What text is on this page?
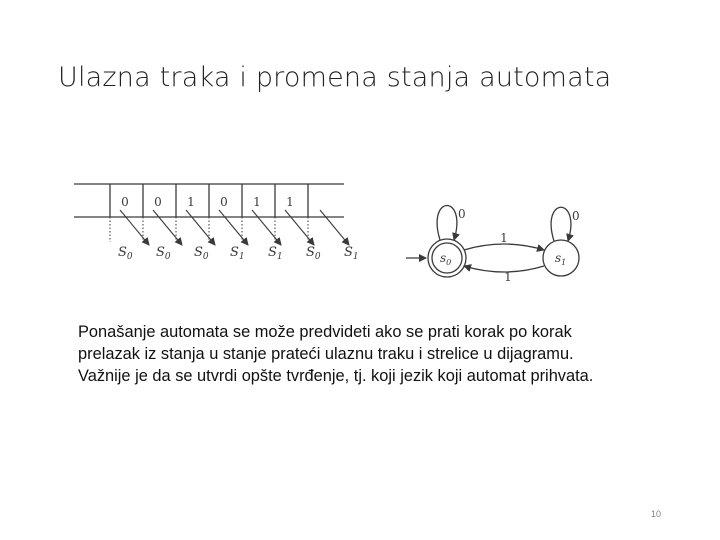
Ulazna traka i promena stanja automata
0 0 1 0 1 1
$S_0$ $S_0$ $S_0$ $S_1$ $S_1$ $S_0$ $S_1$	$s_0$	$s_1$
0	0
1
1
Ponašanje automata se može predvideti ako se prati korak po korak
prelazak iz stanja u stanje prateći ulaznu traku i strelice u dijagramu.
Važnije je da se utvrdi opšte tvrđenje, tj. koji jezik koji automat prihvata.
10
